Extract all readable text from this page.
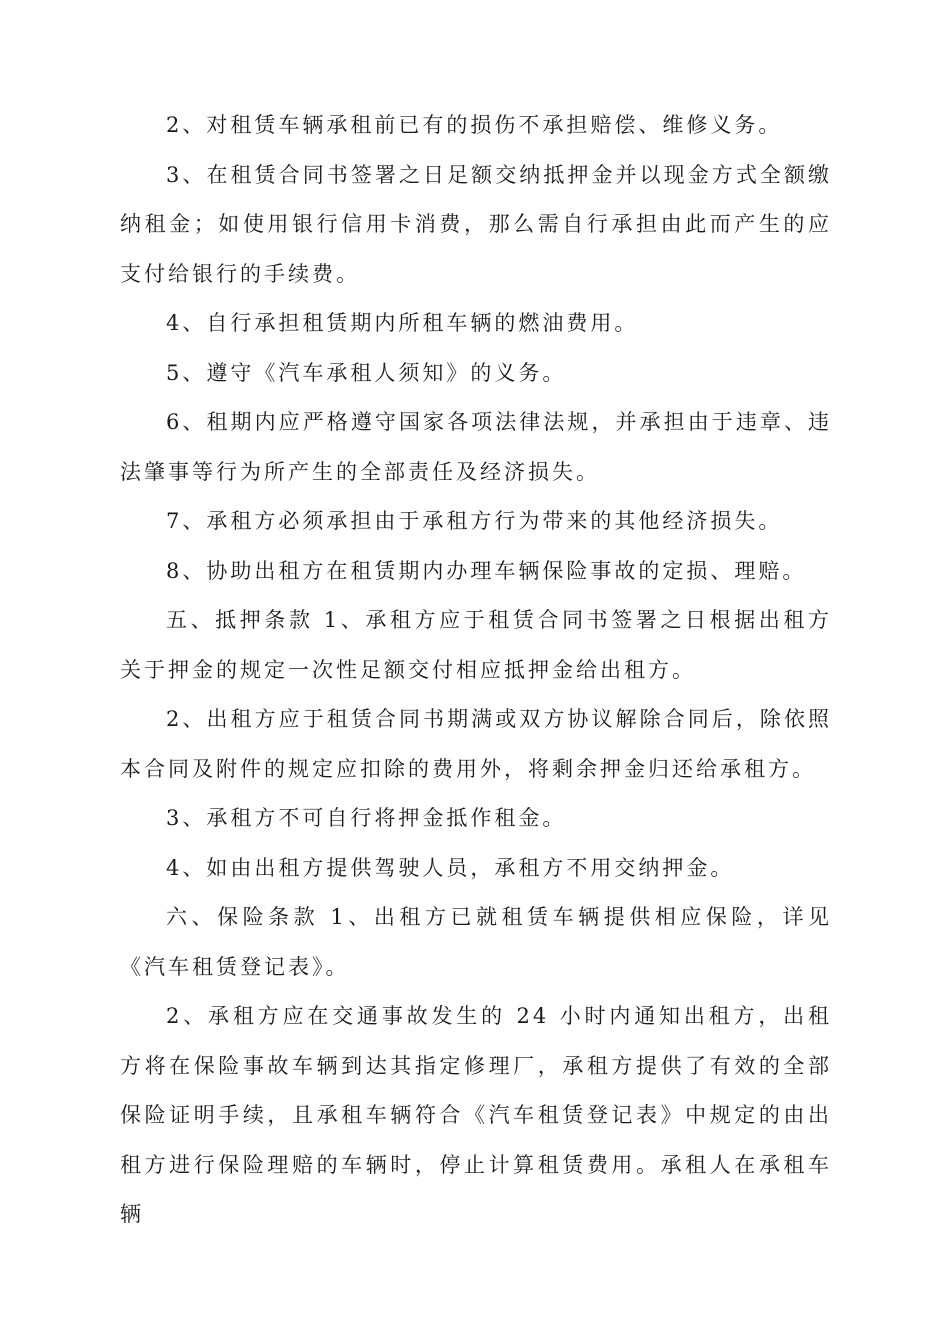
2、对租赁车辆承租前已有的损伤不承担赔偿、维修义务。

3、在租赁合同书签署之日足额交纳抵押金并以现金方式全额缴纳租金；如使用银行信用卡消费，那么需自行承担由此而产生的应支付给银行的手续费。

4、自行承担租赁期内所租车辆的燃油费用。

5、遵守《汽车承租人须知》的义务。

6、租期内应严格遵守国家各项法律法规，并承担由于违章、违法肇事等行为所产生的全部责任及经济损失。

7、承租方必须承担由于承租方行为带来的其他经济损失。

8、协助出租方在租赁期内办理车辆保险事故的定损、理赔。

五、抵押条款 1、承租方应于租赁合同书签署之日根据出租方关于押金的规定一次性足额交付相应抵押金给出租方。

2、出租方应于租赁合同书期满或双方协议解除合同后，除依照本合同及附件的规定应扣除的费用外，将剩余押金归还给承租方。

3、承租方不可自行将押金抵作租金。

4、如由出租方提供驾驶人员，承租方不用交纳押金。

六、保险条款 1、出租方已就租赁车辆提供相应保险，详见《汽车租赁登记表》。

2、承租方应在交通事故发生的 24 小时内通知出租方，出租方将在保险事故车辆到达其指定修理厂，承租方提供了有效的全部保险证明手续，且承租车辆符合《汽车租赁登记表》中规定的由出租方进行保险理赔的车辆时，停止计算租赁费用。承租人在承租车辆
